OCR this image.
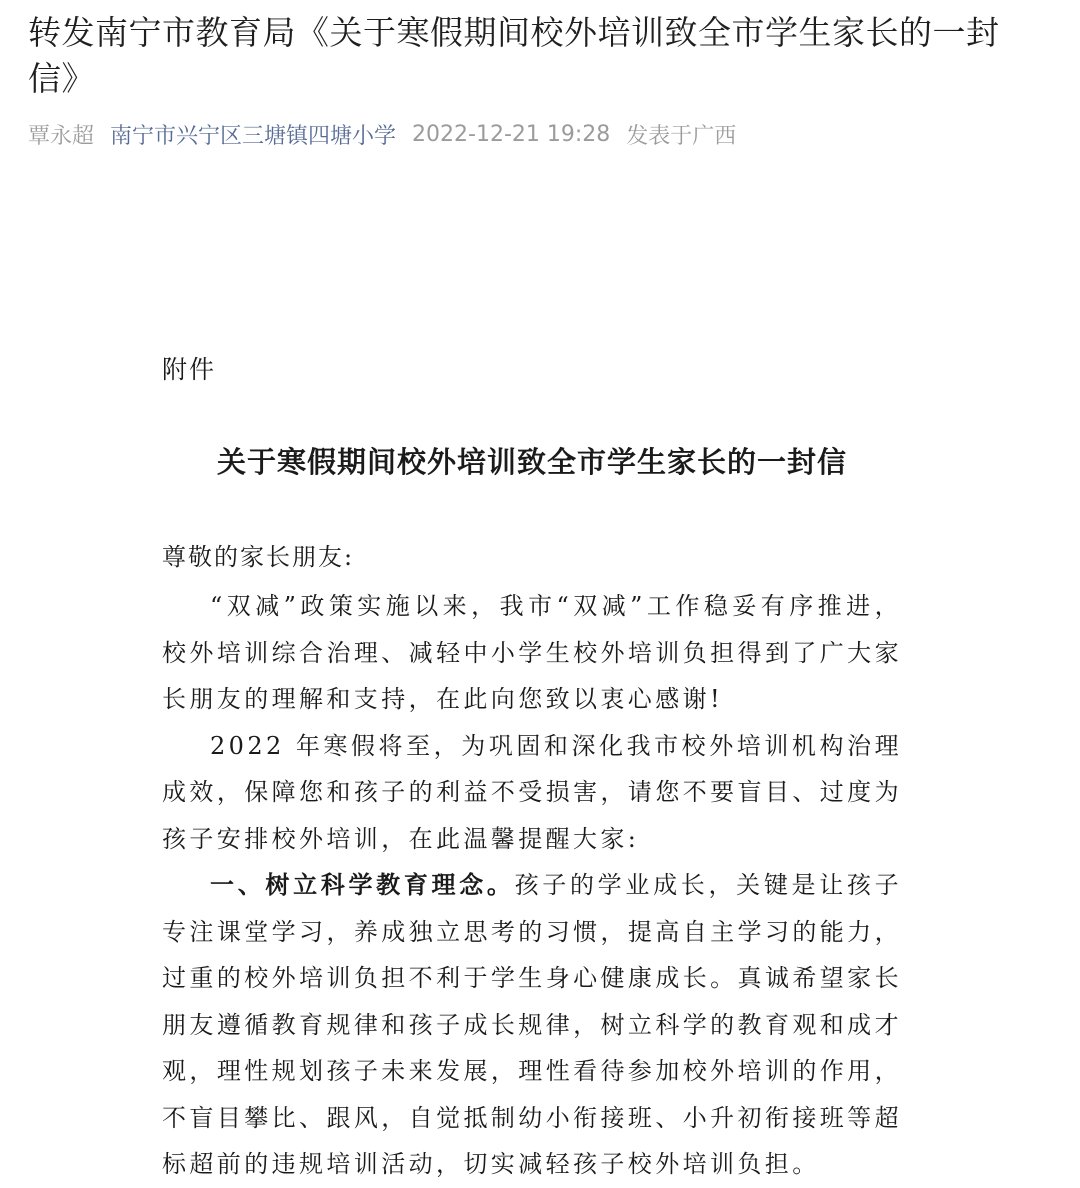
转发南宁市教育局《关于寒假期间校外培训致全市学生家长的一封信》
覃永超 南宁市兴宁区三塘镇四塘小学 2022-12-21 19:28 发表于广西
附件
关于寒假期间校外培训致全市学生家长的一封信
尊敬的家长朋友:

“双减”政策实施以来，我市“双减”工作稳妥有序推进，校外培训综合治理、减轻中小学生校外培训负担得到了广大家长朋友的理解和支持，在此向您致以衷心感谢!

2022 年寒假将至，为巩固和深化我市校外培训机构治理成效，保障您和孩子的利益不受损害，请您不要盲目、过度为孩子安排校外培训，在此温馨提醒大家:

一、树立科学教育理念。孩子的学业成长，关键是让孩子专注课堂学习，养成独立思考的习惯，提高自主学习的能力，过重的校外培训负担不利于学生身心健康成长。真诚希望家长朋友遵循教育规律和孩子成长规律，树立科学的教育观和成才观，理性规划孩子未来发展，理性看待参加校外培训的作用，不盲目攀比、跟风，自觉抵制幼小衔接班、小升初衔接班等超标超前的违规培训活动，切实减轻孩子校外培训负担。
